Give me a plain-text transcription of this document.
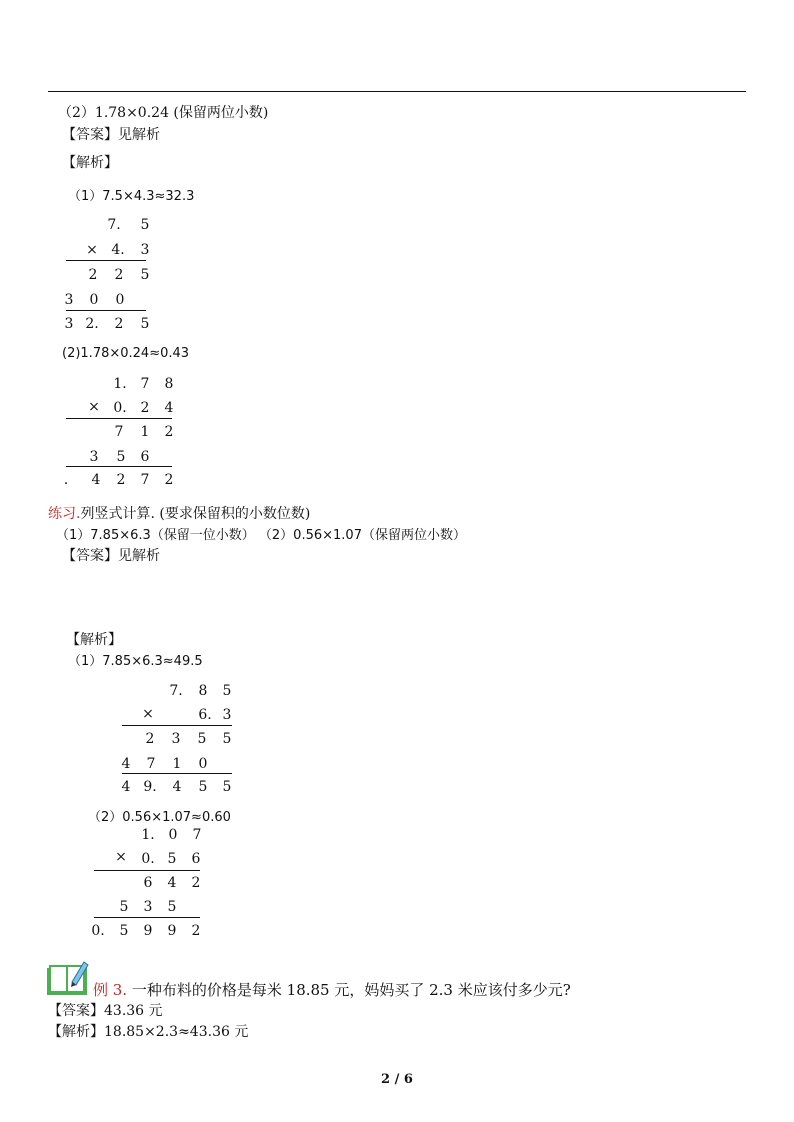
（2）1.78×0.24 (保留两位小数)
【答案】见解析
【解析】
（1）7.5×4.3≈32.3
7. 5
× 4. 3
2 2 5
3 0 0
3 2. 2 5
(2)1.78×0.24≈0.43
1. 7 8
× 0. 2 4
7 1 2
3 5 6
. 4 2 7 2
练习.列竖式计算. (要求保留积的小数位数)
（1）7.85×6.3（保留一位小数） （2）0.56×1.07（保留两位小数）
【答案】见解析
【解析】
（1）7.85×6.3≈49.5
7. 8 5
×	6. 3
2 3 5 5
4 7 1 0
4 9. 4 5 5
（2）0.56×1.07≈0.60
1. 0 7
× 0. 5 6
6 4 2
5 3 5
0. 5 9 9 2
例 3. 一种布料的价格是每米 18.85 元，妈妈买了 2.3 米应该付多少元?
【答案】43.36 元
【解析】18.85×2.3≈43.36 元
2 / 6
